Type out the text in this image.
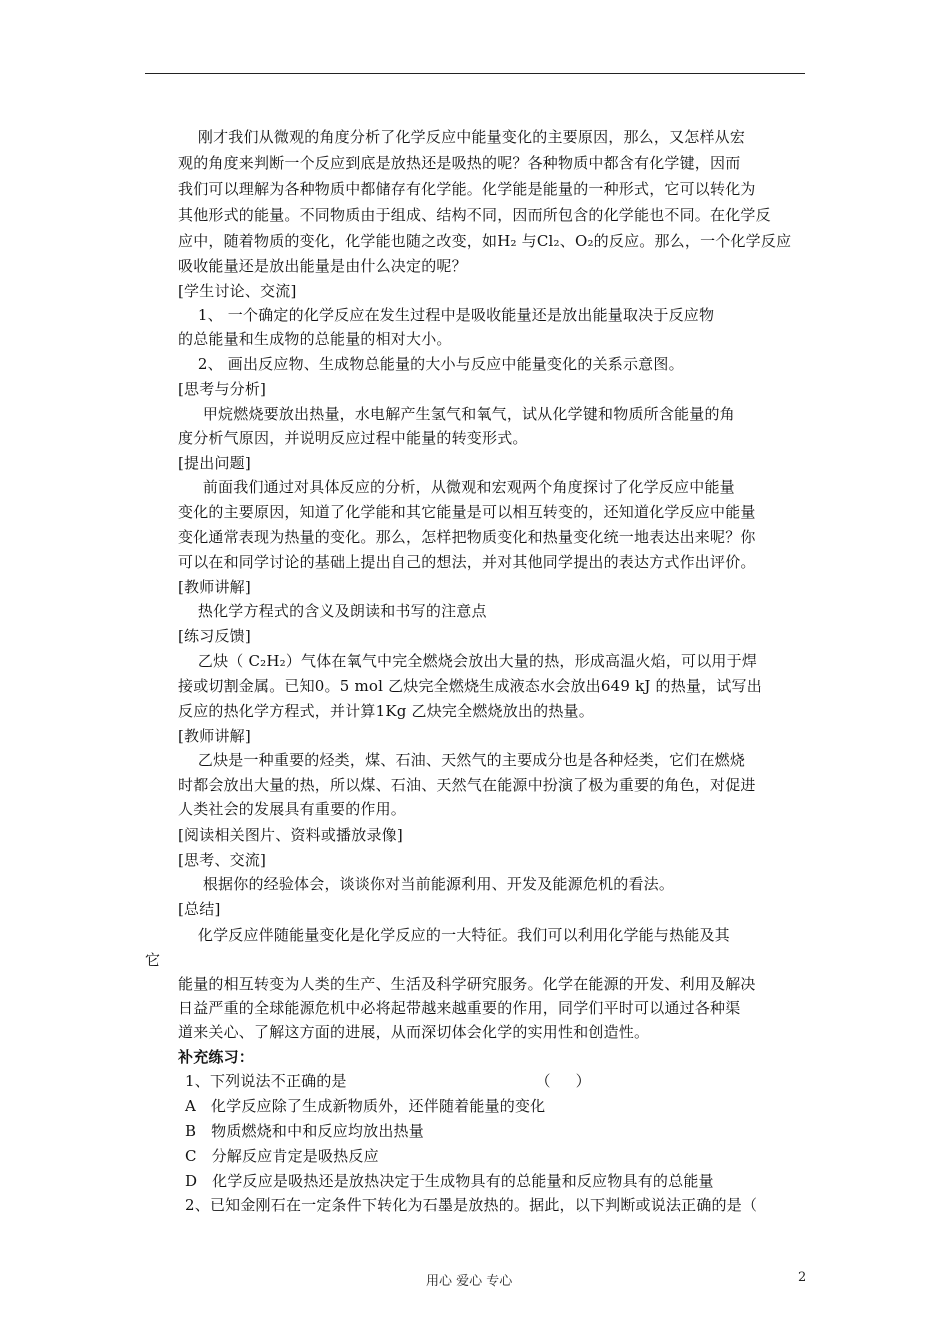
刚才我们从微观的角度分析了化学反应中能量变化的主要原因，那么，又怎样从宏
观的角度来判断一个反应到底是放热还是吸热的呢？各种物质中都含有化学键，因而
我们可以理解为各种物质中都储存有化学能。化学能是能量的一种形式，它可以转化为
其他形式的能量。不同物质由于组成、结构不同，因而所包含的化学能也不同。在化学反
应中，随着物质的变化，化学能也随之改变，如H₂ 与Cl₂、O₂的反应。那么，一个化学反应
吸收能量还是放出能量是由什么决定的呢？
[学生讨论、交流]
1、 一个确定的化学反应在发生过程中是吸收能量还是放出能量取决于反应物
的总能量和生成物的总能量的相对大小。
2、 画出反应物、生成物总能量的大小与反应中能量变化的关系示意图。
[思考与分析]
甲烷燃烧要放出热量，水电解产生氢气和氧气，试从化学键和物质所含能量的角
度分析气原因，并说明反应过程中能量的转变形式。
[提出问题]
前面我们通过对具体反应的分析，从微观和宏观两个角度探讨了化学反应中能量
变化的主要原因，知道了化学能和其它能量是可以相互转变的，还知道化学反应中能量
变化通常表现为热量的变化。那么，怎样把物质变化和热量变化统一地表达出来呢？你
可以在和同学讨论的基础上提出自己的想法，并对其他同学提出的表达方式作出评价。
[教师讲解]
热化学方程式的含义及朗读和书写的注意点
[练习反馈]
乙炔（ C₂H₂）气体在氧气中完全燃烧会放出大量的热，形成高温火焰，可以用于焊
接或切割金属。已知0。5 mol 乙炔完全燃烧生成液态水会放出649 kJ 的热量，试写出
反应的热化学方程式，并计算1Kg 乙炔完全燃烧放出的热量。
[教师讲解]
乙炔是一种重要的烃类，煤、石油、天然气的主要成分也是各种烃类，它们在燃烧
时都会放出大量的热，所以煤、石油、天然气在能源中扮演了极为重要的角色，对促进
人类社会的发展具有重要的作用。
[阅读相关图片、资料或播放录像]
[思考、交流]
根据你的经验体会，谈谈你对当前能源利用、开发及能源危机的看法。
[总结]
化学反应伴随能量变化是化学反应的一大特征。我们可以利用化学能与热能及其
它
能量的相互转变为人类的生产、生活及科学研究服务。化学在能源的开发、利用及解决
日益严重的全球能源危机中必将起带越来越重要的作用，同学们平时可以通过各种渠
道来关心、了解这方面的进展，从而深切体会化学的实用性和创造性。
补充练习：
1、下列说法不正确的是                                      （     ）
A   化学反应除了生成新物质外，还伴随着能量的变化
B   物质燃烧和中和反应均放出热量
C   分解反应肯定是吸热反应
D   化学反应是吸热还是放热决定于生成物具有的总能量和反应物具有的总能量
2、已知金刚石在一定条件下转化为石墨是放热的。据此，以下判断或说法正确的是（
用心 爱心 专心	2
